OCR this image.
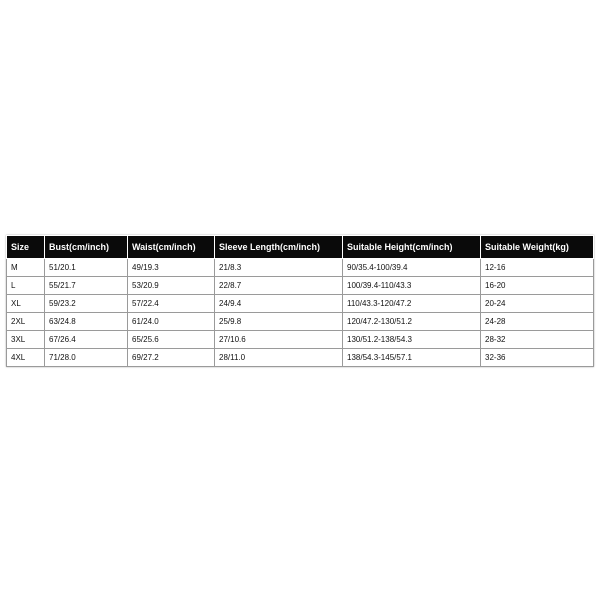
Size	Bust(cm/inch)	Waist(cm/inch)	Sleeve Length(cm/inch)	Suitable Height(cm/inch)	Suitable Weight(kg)
M	51/20.1	49/19.3	21/8.3	90/35.4-100/39.4	12-16
L	55/21.7	53/20.9	22/8.7	100/39.4-110/43.3	16-20
XL	59/23.2	57/22.4	24/9.4	110/43.3-120/47.2	20-24
2XL	63/24.8	61/24.0	25/9.8	120/47.2-130/51.2	24-28
3XL	67/26.4	65/25.6	27/10.6	130/51.2-138/54.3	28-32
4XL	71/28.0	69/27.2	28/11.0	138/54.3-145/57.1	32-36
